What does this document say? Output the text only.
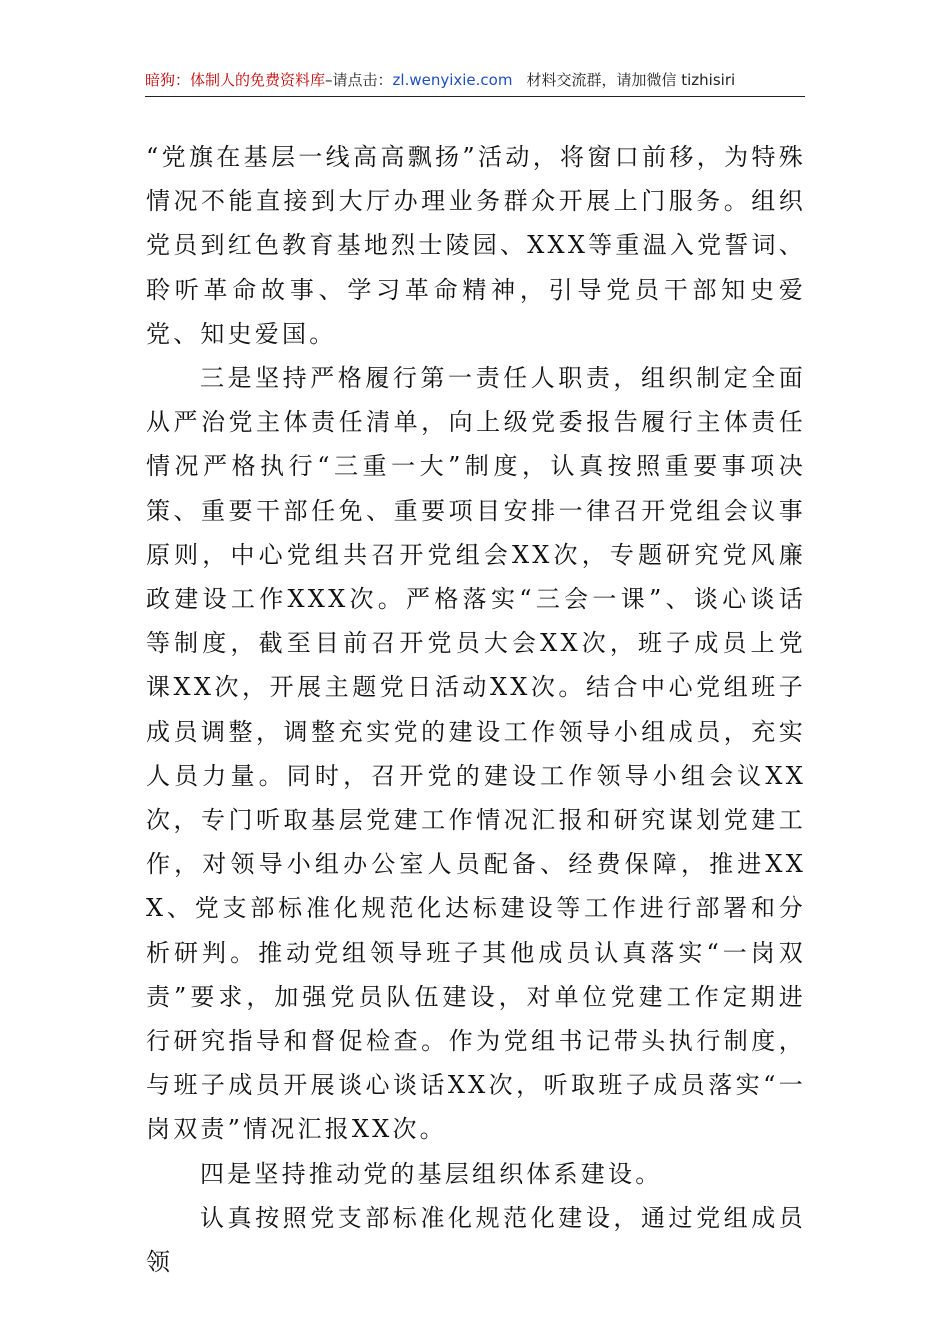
暗狗：体制人的免费资料库–请点击：zl.wenyixie.com 材料交流群，请加微信 tizhisiri

“党旗在基层一线高高飘扬”活动，将窗口前移，为特殊情况不能直接到大厅办理业务群众开展上门服务。组织党员到红色教育基地烈士陵园、XXX等重温入党誓词、聆听革命故事、学习革命精神，引导党员干部知史爱党、知史爱国。

三是坚持严格履行第一责任人职责，组织制定全面从严治党主体责任清单，向上级党委报告履行主体责任情况严格执行“三重一大”制度，认真按照重要事项决策、重要干部任免、重要项目安排一律召开党组会议事原则，中心党组共召开党组会XX次，专题研究党风廉政建设工作XXX次。严格落实“三会一课”、谈心谈话等制度，截至目前召开党员大会XX次，班子成员上党课XX次，开展主题党日活动XX次。结合中心党组班子成员调整，调整充实党的建设工作领导小组成员，充实人员力量。同时，召开党的建设工作领导小组会议XX次，专门听取基层党建工作情况汇报和研究谋划党建工作，对领导小组办公室人员配备、经费保障，推进XXX、党支部标准化规范化达标建设等工作进行部署和分析研判。推动党组领导班子其他成员认真落实“一岗双责”要求，加强党员队伍建设，对单位党建工作定期进行研究指导和督促检查。作为党组书记带头执行制度，与班子成员开展谈心谈话XX次，听取班子成员落实“一岗双责”情况汇报XX次。

四是坚持推动党的基层组织体系建设。

认真按照党支部标准化规范化建设，通过党组成员领
